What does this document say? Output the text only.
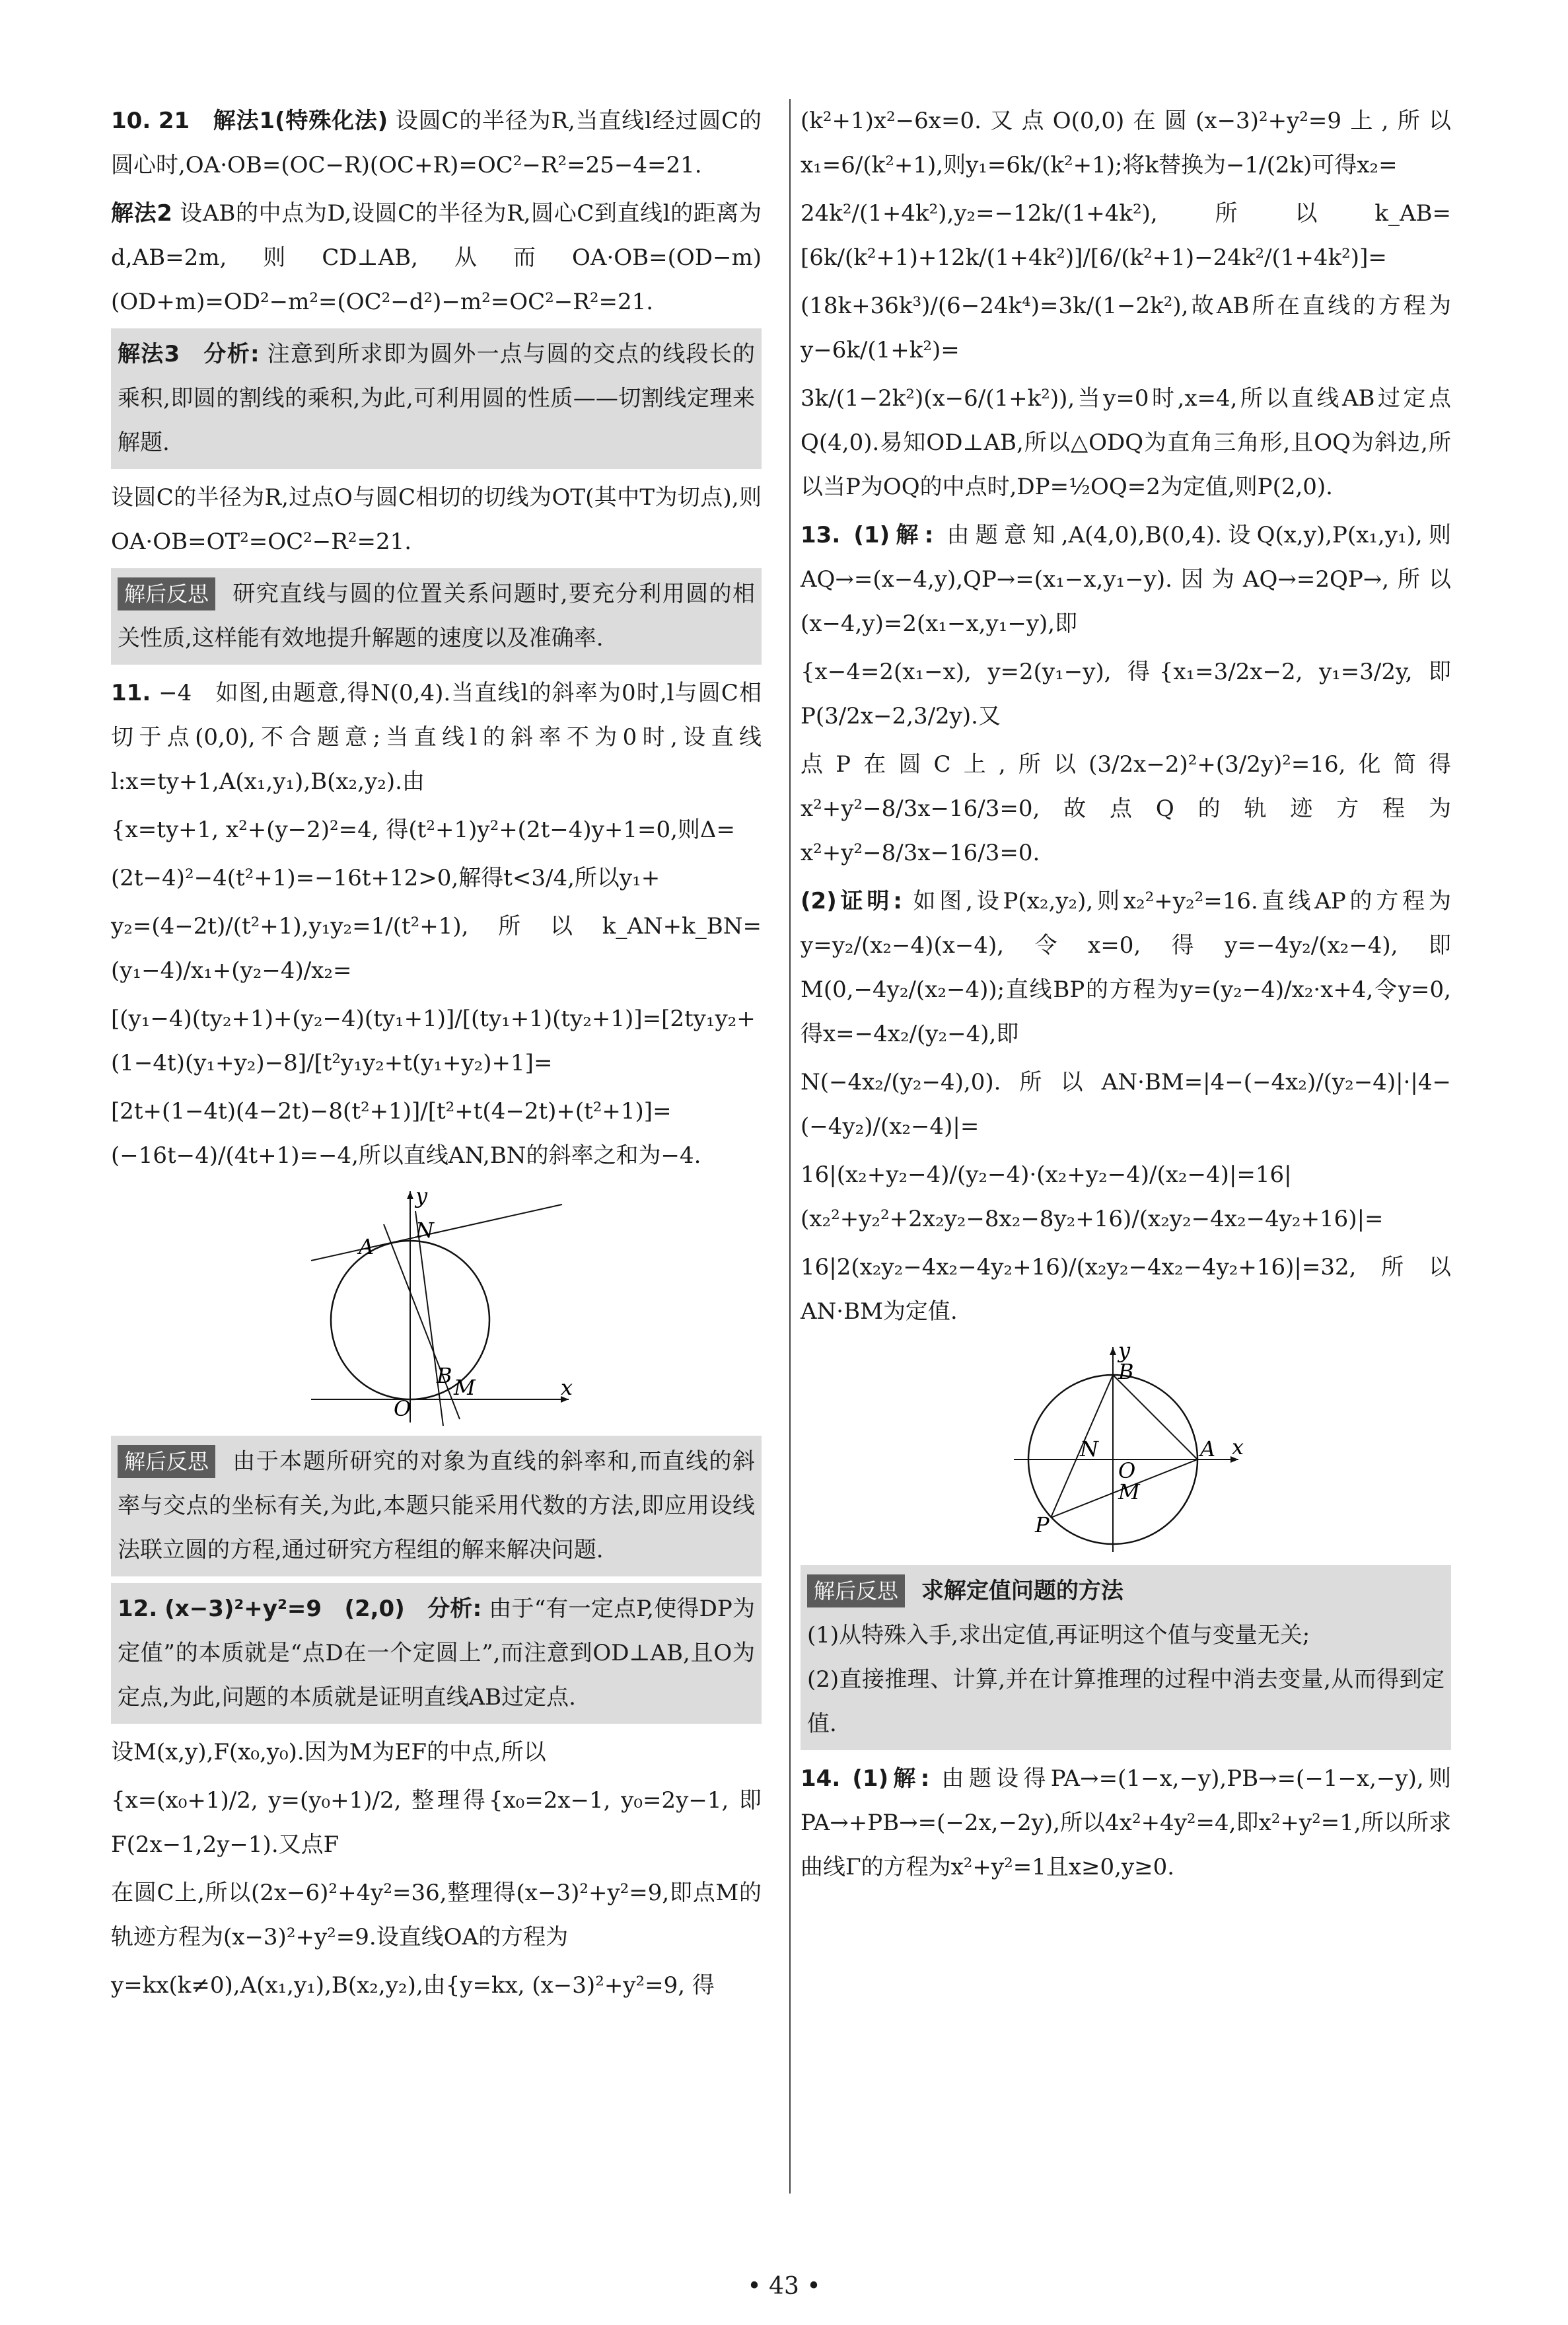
10. 21　解法1(特殊化法) 设圆C的半径为R,当直线l经过圆C的圆心时,OA·OB=(OC−R)(OC+R)=OC²−R²=25−4=21.

解法2 设AB的中点为D,设圆C的半径为R,圆心C到直线l的距离为d,AB=2m,则CD⊥AB,从而OA·OB=(OD−m)(OD+m)=OD²−m²=(OC²−d²)−m²=OC²−R²=21.

解法3　分析: 注意到所求即为圆外一点与圆的交点的线段长的乘积,即圆的割线的乘积,为此,可利用圆的性质——切割线定理来解题.

设圆C的半径为R,过点O与圆C相切的切线为OT(其中T为切点),则OA·OB=OT²=OC²−R²=21.

解后反思 研究直线与圆的位置关系问题时,要充分利用圆的相关性质,这样能有效地提升解题的速度以及准确率.

11. −4　如图,由题意,得N(0,4).当直线l的斜率为0时,l与圆C相切于点(0,0),不合题意;当直线l的斜率不为0时,设直线l:x=ty+1,A(x₁,y₁),B(x₂,y₂).由

{x=ty+1, x²+(y−2)²=4, 得(t²+1)y²+(2t−4)y+1=0,则Δ=

(2t−4)²−4(t²+1)=−16t+12>0,解得t<3/4,所以y₁+

y₂=(4−2t)/(t²+1),y₁y₂=1/(t²+1),所以k_AN+k_BN=(y₁−4)/x₁+(y₂−4)/x₂=

[(y₁−4)(ty₂+1)+(y₂−4)(ty₁+1)]/[(ty₁+1)(ty₂+1)]=[2ty₁y₂+(1−4t)(y₁+y₂)−8]/[t²y₁y₂+t(y₁+y₂)+1]=

[2t+(1−4t)(4−2t)−8(t²+1)]/[t²+t(4−2t)+(t²+1)]=(−16t−4)/(4t+1)=−4,所以直线AN,BN的斜率之和为−4.

y
x
O
A
N
B M

解后反思 由于本题所研究的对象为直线的斜率和,而直线的斜率与交点的坐标有关,为此,本题只能采用代数的方法,即应用设线法联立圆的方程,通过研究方程组的解来解决问题.

12. (x−3)²+y²=9　(2,0)　分析: 由于“有一定点P,使得DP为定值”的本质就是“点D在一个定圆上”,而注意到OD⊥AB,且O为定点,为此,问题的本质就是证明直线AB过定点.

设M(x,y),F(x₀,y₀).因为M为EF的中点,所以

{x=(x₀+1)/2, y=(y₀+1)/2, 整理得{x₀=2x−1, y₀=2y−1, 即F(2x−1,2y−1).又点F

在圆C上,所以(2x−6)²+4y²=36,整理得(x−3)²+y²=9,即点M的轨迹方程为(x−3)²+y²=9.设直线OA的方程为

y=kx(k≠0),A(x₁,y₁),B(x₂,y₂),由{y=kx, (x−3)²+y²=9, 得

(k²+1)x²−6x=0.又点O(0,0)在圆(x−3)²+y²=9上,所以x₁=6/(k²+1),则y₁=6k/(k²+1);将k替换为−1/(2k)可得x₂=

24k²/(1+4k²),y₂=−12k/(1+4k²),所以k_AB=[6k/(k²+1)+12k/(1+4k²)]/[6/(k²+1)−24k²/(1+4k²)]=

(18k+36k³)/(6−24k⁴)=3k/(1−2k²),故AB所在直线的方程为y−6k/(1+k²)=

3k/(1−2k²)(x−6/(1+k²)),当y=0时,x=4,所以直线AB过定点Q(4,0).易知OD⊥AB,所以△ODQ为直角三角形,且OQ为斜边,所以当P为OQ的中点时,DP=½OQ=2为定值,则P(2,0).

13. (1)解: 由题意知,A(4,0),B(0,4).设Q(x,y),P(x₁,y₁),则AQ→=(x−4,y),QP→=(x₁−x,y₁−y).因为AQ→=2QP→,所以(x−4,y)=2(x₁−x,y₁−y),即

{x−4=2(x₁−x), y=2(y₁−y), 得{x₁=3/2x−2, y₁=3/2y, 即P(3/2x−2,3/2y).又

点P在圆C上,所以(3/2x−2)²+(3/2y)²=16,化简得x²+y²−8/3x−16/3=0,故点Q的轨迹方程为x²+y²−8/3x−16/3=0.

(2)证明: 如图,设P(x₂,y₂),则x₂²+y₂²=16.直线AP的方程为y=y₂/(x₂−4)(x−4),令x=0,得y=−4y₂/(x₂−4),即M(0,−4y₂/(x₂−4));直线BP的方程为y=(y₂−4)/x₂·x+4,令y=0,得x=−4x₂/(y₂−4),即

N(−4x₂/(y₂−4),0).所以AN·BM=|4−(−4x₂)/(y₂−4)|·|4−(−4y₂)/(x₂−4)|=

16|(x₂+y₂−4)/(y₂−4)·(x₂+y₂−4)/(x₂−4)|=16|(x₂²+y₂²+2x₂y₂−8x₂−8y₂+16)/(x₂y₂−4x₂−4y₂+16)|=

16|2(x₂y₂−4x₂−4y₂+16)/(x₂y₂−4x₂−4y₂+16)|=32,所以AN·BM为定值.

y
x
O
A
B
N
M
P

解后反思 求解定值问题的方法

(1)从特殊入手,求出定值,再证明这个值与变量无关;

(2)直接推理、计算,并在计算推理的过程中消去变量,从而得到定值.

14. (1)解: 由题设得PA→=(1−x,−y),PB→=(−1−x,−y),则PA→+PB→=(−2x,−2y),所以4x²+4y²=4,即x²+y²=1,所以所求曲线Γ的方程为x²+y²=1且x≥0,y≥0.

• 43 •
